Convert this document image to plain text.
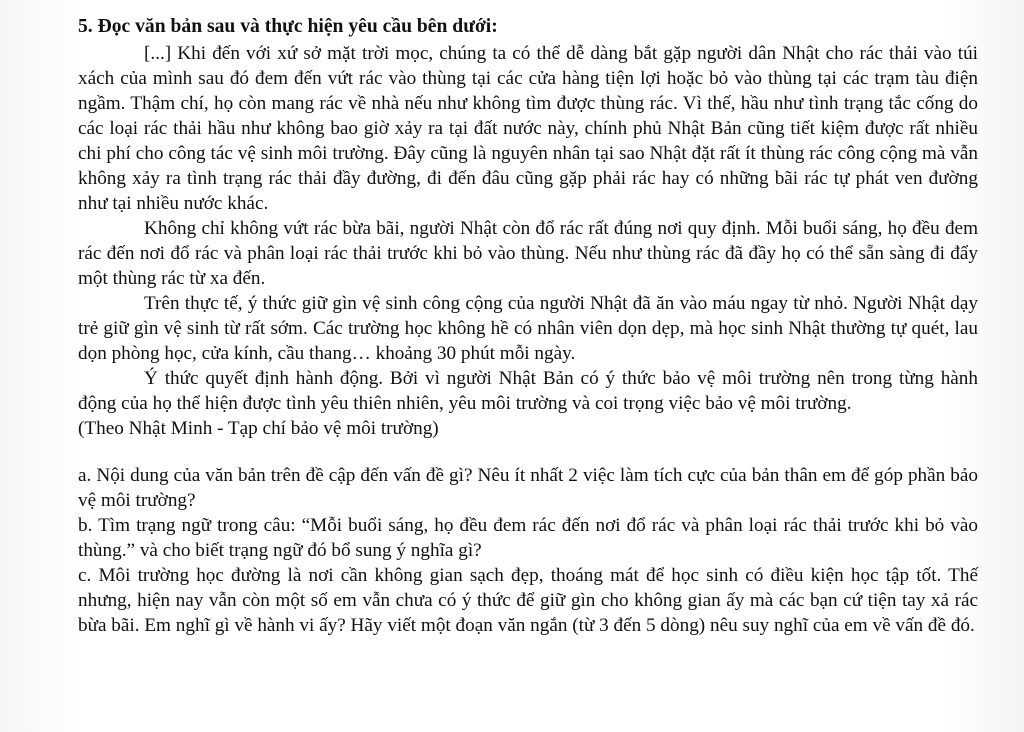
5. Đọc văn bản sau và thực hiện yêu cầu bên dưới:

[...] Khi đến với xứ sở mặt trời mọc, chúng ta có thể dễ dàng bắt gặp người dân Nhật cho rác thải vào túi xách của mình sau đó đem đến vứt rác vào thùng tại các cửa hàng tiện lợi hoặc bỏ vào thùng tại các trạm tàu điện ngầm. Thậm chí, họ còn mang rác về nhà nếu như không tìm được thùng rác. Vì thế, hầu như tình trạng tắc cống do các loại rác thải hầu như không bao giờ xảy ra tại đất nước này, chính phủ Nhật Bản cũng tiết kiệm được rất nhiều chi phí cho công tác vệ sinh môi trường. Đây cũng là nguyên nhân tại sao Nhật đặt rất ít thùng rác công cộng mà vẫn không xảy ra tình trạng rác thải đầy đường, đi đến đâu cũng gặp phải rác hay có những bãi rác tự phát ven đường như tại nhiều nước khác.

Không chỉ không vứt rác bừa bãi, người Nhật còn đổ rác rất đúng nơi quy định. Mỗi buổi sáng, họ đều đem rác đến nơi đổ rác và phân loại rác thải trước khi bỏ vào thùng. Nếu như thùng rác đã đầy họ có thể sẵn sàng đi đẩy một thùng rác từ xa đến.

Trên thực tế, ý thức giữ gìn vệ sinh công cộng của người Nhật đã ăn vào máu ngay từ nhỏ. Người Nhật dạy trẻ giữ gìn vệ sinh từ rất sớm. Các trường học không hề có nhân viên dọn dẹp, mà học sinh Nhật thường tự quét, lau dọn phòng học, cửa kính, cầu thang… khoảng 30 phút mỗi ngày.

Ý thức quyết định hành động. Bởi vì người Nhật Bản có ý thức bảo vệ môi trường nên trong từng hành động của họ thể hiện được tình yêu thiên nhiên, yêu môi trường và coi trọng việc bảo vệ môi trường.

(Theo Nhật Minh - Tạp chí bảo vệ môi trường)

a. Nội dung của văn bản trên đề cập đến vấn đề gì? Nêu ít nhất 2 việc làm tích cực của bản thân em để góp phần bảo vệ môi trường?

b. Tìm trạng ngữ trong câu: “Mỗi buổi sáng, họ đều đem rác đến nơi đổ rác và phân loại rác thải trước khi bỏ vào thùng.” và cho biết trạng ngữ đó bổ sung ý nghĩa gì?

c. Môi trường học đường là nơi cần không gian sạch đẹp, thoáng mát để học sinh có điều kiện học tập tốt. Thế nhưng, hiện nay vẫn còn một số em vẫn chưa có ý thức để giữ gìn cho không gian ấy mà các bạn cứ tiện tay xả rác bừa bãi. Em nghĩ gì về hành vi ấy? Hãy viết một đoạn văn ngắn (từ 3 đến 5 dòng) nêu suy nghĩ của em về vấn đề đó.
